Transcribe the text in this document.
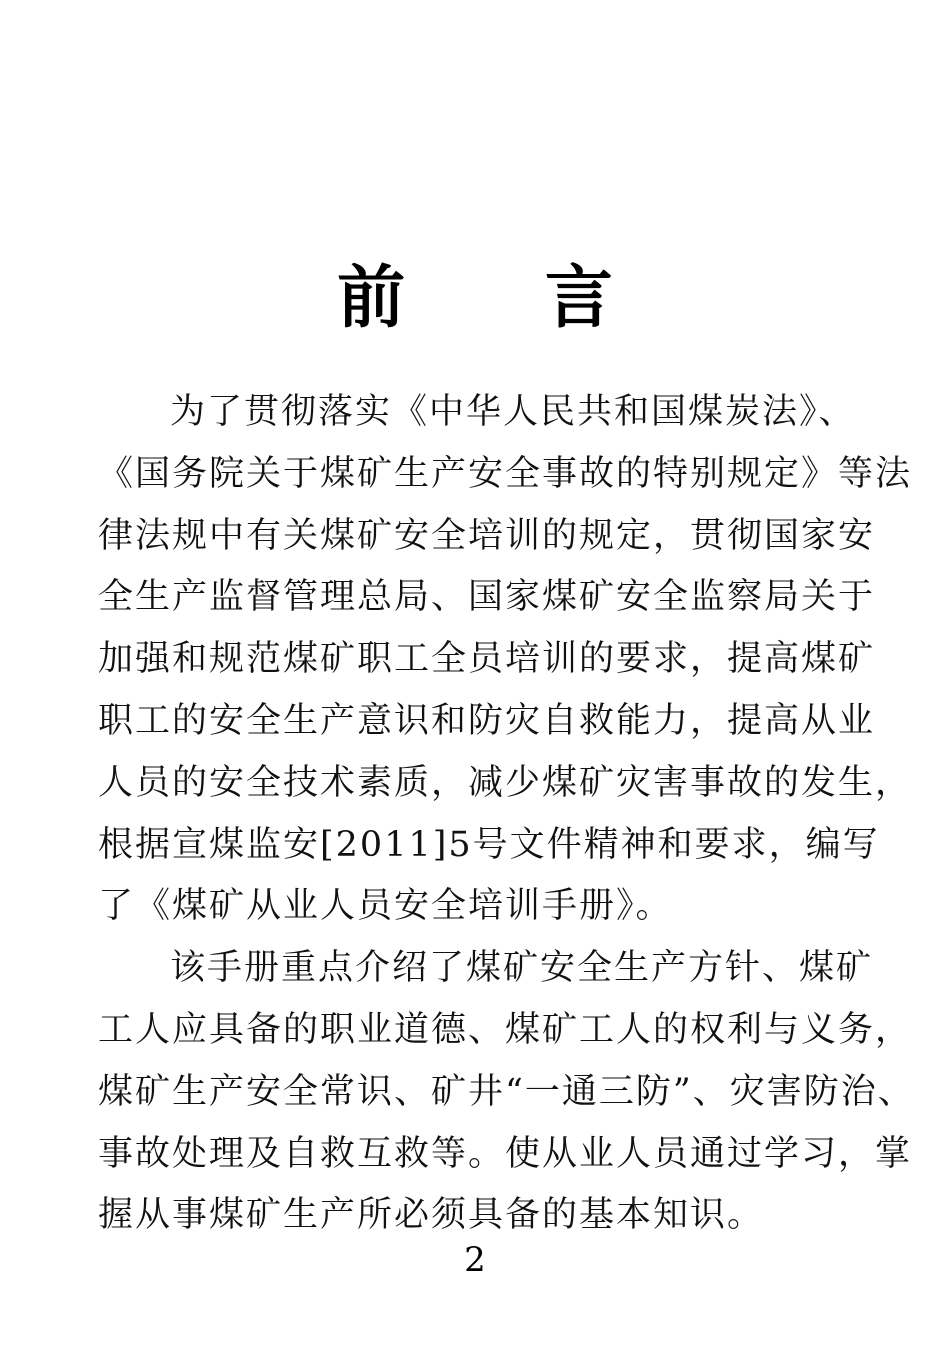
前 言
为了贯彻落实《中华人民共和国煤炭法》、
《国务院关于煤矿生产安全事故的特别规定》等法
律法规中有关煤矿安全培训的规定，贯彻国家安
全生产监督管理总局、国家煤矿安全监察局关于
加强和规范煤矿职工全员培训的要求，提高煤矿
职工的安全生产意识和防灾自救能力，提高从业
人员的安全技术素质，减少煤矿灾害事故的发生，
根据宣煤监安[2011]5号文件精神和要求，编写
了《煤矿从业人员安全培训手册》。
该手册重点介绍了煤矿安全生产方针、煤矿
工人应具备的职业道德、煤矿工人的权利与义务，
煤矿生产安全常识、矿井“一通三防”、灾害防治、
事故处理及自救互救等。使从业人员通过学习，掌
握从事煤矿生产所必须具备的基本知识。
2
